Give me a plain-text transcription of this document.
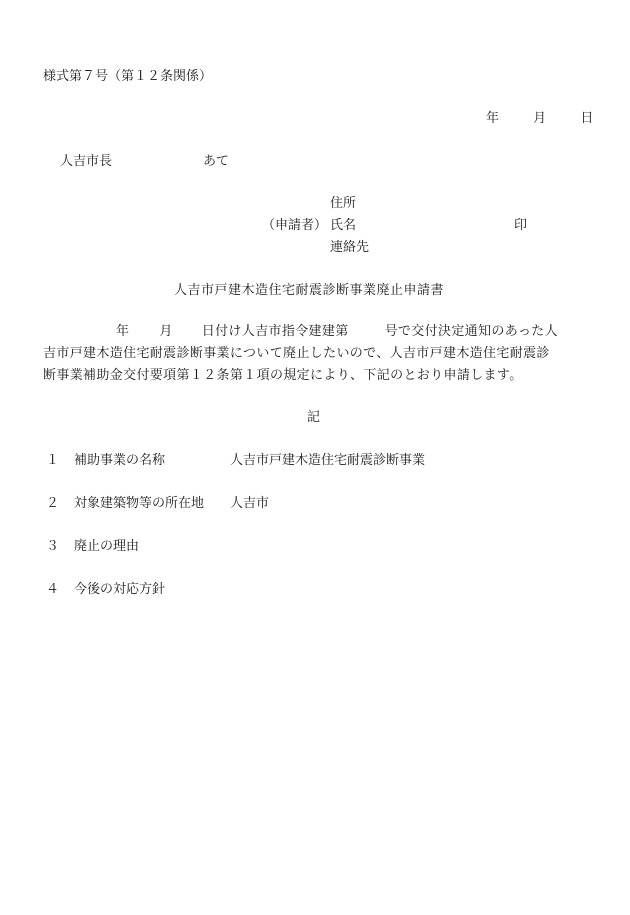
様式第７号（第１２条関係）
年	月	日
人吉市長	あて
住所
（申請者） 氏名	印
連絡先
人吉市戸建木造住宅耐震診断事業廃止申請書
年 月 日付け人吉市指令建建第	号で交付決定通知のあった人
吉市戸建木造住宅耐震診断事業について廃止したいので、人吉市戸建木造住宅耐震診
断事業補助金交付要項第１２条第１項の規定により、下記のとおり申請します。
記
１ 補助事業の名称	人吉市戸建木造住宅耐震診断事業
２ 対象建築物等の所在地 人吉市
３ 廃止の理由
４ 今後の対応方針
